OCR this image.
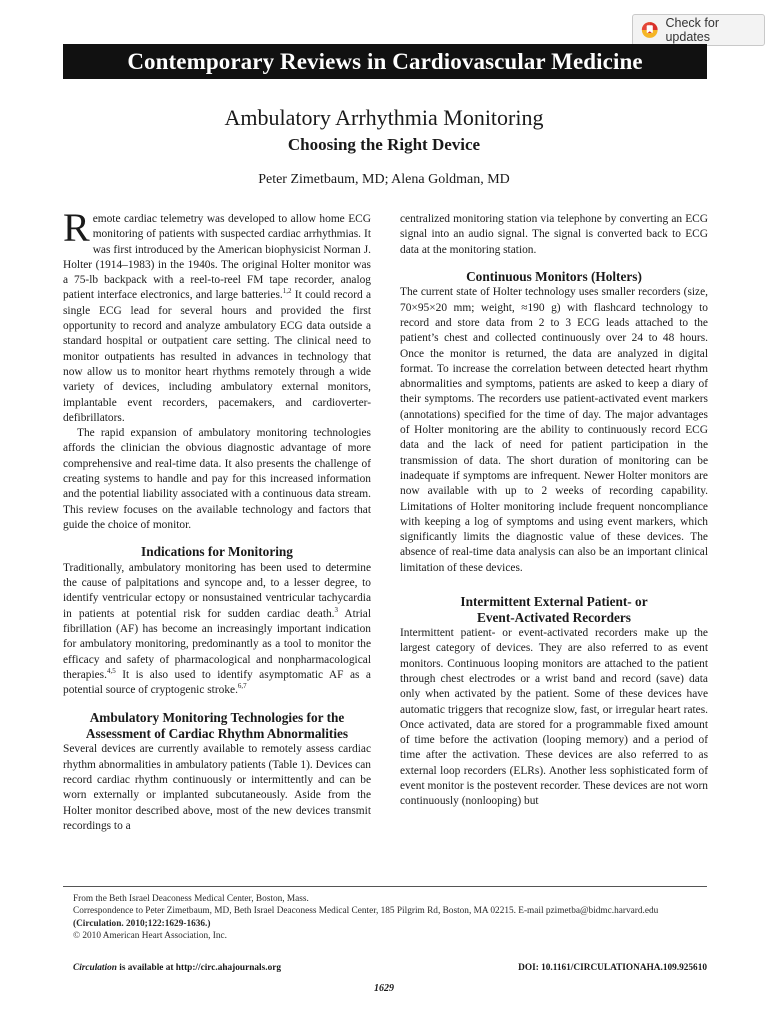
Check for updates
Contemporary Reviews in Cardiovascular Medicine
Ambulatory Arrhythmia Monitoring
Choosing the Right Device
Peter Zimetbaum, MD; Alena Goldman, MD

Remote cardiac telemetry was developed to allow home ECG monitoring of patients with suspected cardiac arrhythmias. It was first introduced by the American biophysicist Norman J. Holter (1914–1983) in the 1940s. The original Holter monitor was a 75-lb backpack with a reel-to-reel FM tape recorder, analog patient interface electronics, and large batteries.$^{1,2}$ It could record a single ECG lead for several hours and provided the first opportunity to record and analyze ambulatory ECG data outside a standard hospital or outpatient care setting. The clinical need to monitor outpatients has resulted in advances in technology that now allow us to monitor heart rhythms remotely through a wide variety of devices, including ambulatory external monitors, implantable event recorders, pacemakers, and cardioverter-defibrillators.

The rapid expansion of ambulatory monitoring technologies affords the clinician the obvious diagnostic advantage of more comprehensive and real-time data. It also presents the challenge of creating systems to handle and pay for this increased information and the potential liability associated with a continuous data stream. This review focuses on the available technology and factors that guide the choice of monitor.

Indications for Monitoring

Traditionally, ambulatory monitoring has been used to determine the cause of palpitations and syncope and, to a lesser degree, to identify ventricular ectopy or nonsustained ventricular tachycardia in patients at potential risk for sudden cardiac death.$^3$ Atrial fibrillation (AF) has become an increasingly important indication for ambulatory monitoring, predominantly as a tool to monitor the efficacy and safety of pharmacological and nonpharmacological therapies.$^{4,5}$ It is also used to identify asymptomatic AF as a potential source of cryptogenic stroke.$^{6,7}$

Ambulatory Monitoring Technologies for the
Assessment of Cardiac Rhythm Abnormalities

Several devices are currently available to remotely assess cardiac rhythm abnormalities in ambulatory patients (Table 1). Devices can record cardiac rhythm continuously or intermittently and can be worn externally or implanted subcutaneously. Aside from the Holter monitor described above, most of the new devices transmit recordings to a

centralized monitoring station via telephone by converting an ECG signal into an audio signal. The signal is converted back to ECG data at the monitoring station.

Continuous Monitors (Holters)

The current state of Holter technology uses smaller recorders (size, 70×95×20 mm; weight, ≈190 g) with flashcard technology to record and store data from 2 to 3 ECG leads attached to the patient’s chest and collected continuously over 24 to 48 hours. Once the monitor is returned, the data are analyzed in digital format. To increase the correlation between detected heart rhythm abnormalities and symptoms, patients are asked to keep a diary of their symptoms. The recorders use patient-activated event markers (annotations) specified for the time of day. The major advantages of Holter monitoring are the ability to continuously record ECG data and the lack of need for patient participation in the transmission of data. The short duration of monitoring can be inadequate if symptoms are infrequent. Newer Holter monitors are now available with up to 2 weeks of recording capability. Limitations of Holter monitoring include frequent noncompliance with keeping a log of symptoms and using event markers, which significantly limits the diagnostic value of these devices. The absence of real-time data analysis can also be an important clinical limitation of these devices.

Intermittent External Patient- or
Event-Activated Recorders

Intermittent patient- or event-activated recorders make up the largest category of devices. They are also referred to as event monitors. Continuous looping monitors are attached to the patient through chest electrodes or a wrist band and record (save) data only when activated by the patient. Some of these devices have automatic triggers that recognize slow, fast, or irregular heart rates. Once activated, data are stored for a programmable fixed amount of time before the activation (looping memory) and a period of time after the activation. These devices are also referred to as external loop recorders (ELRs). Another less sophisticated form of event monitor is the postevent recorder. These devices are not worn continuously (nonlooping) but

From the Beth Israel Deaconess Medical Center, Boston, Mass.

Correspondence to Peter Zimetbaum, MD, Beth Israel Deaconess Medical Center, 185 Pilgrim Rd, Boston, MA 02215. E-mail pzimetba@bidmc.harvard.edu

(Circulation. 2010;122:1629-1636.)

© 2010 American Heart Association, Inc.

Circulation is available at http://circ.ahajournals.org	DOI: 10.1161/CIRCULATIONAHA.109.925610
1629
